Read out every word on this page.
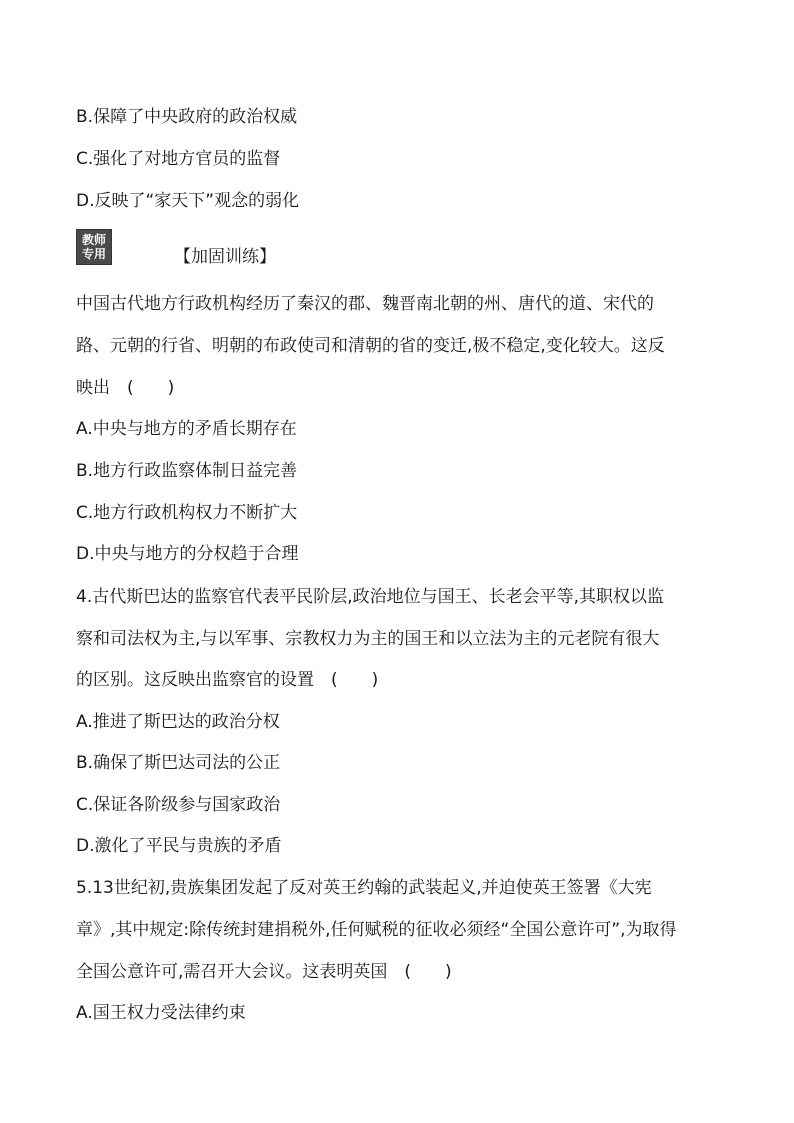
B.保障了中央政府的政治权威
C.强化了对地方官员的监督
D.反映了“家天下”观念的弱化
教师
专用	【加固训练】
中国古代地方行政机构经历了秦汉的郡、魏晋南北朝的州、唐代的道、宋代的
路、元朝的行省、明朝的布政使司和清朝的省的变迁,极不稳定,变化较大。这反
映出　(　　)
A.中央与地方的矛盾长期存在
B.地方行政监察体制日益完善
C.地方行政机构权力不断扩大
D.中央与地方的分权趋于合理
4.古代斯巴达的监察官代表平民阶层,政治地位与国王、长老会平等,其职权以监
察和司法权为主,与以军事、宗教权力为主的国王和以立法为主的元老院有很大
的区别。这反映出监察官的设置　(　　)
A.推进了斯巴达的政治分权
B.确保了斯巴达司法的公正
C.保证各阶级参与国家政治
D.激化了平民与贵族的矛盾
5.13世纪初,贵族集团发起了反对英王约翰的武装起义,并迫使英王签署《大宪
章》,其中规定:除传统封建捐税外,任何赋税的征收必须经“全国公意许可”,为取得
全国公意许可,需召开大会议。这表明英国　(　　)
A.国王权力受法律约束
